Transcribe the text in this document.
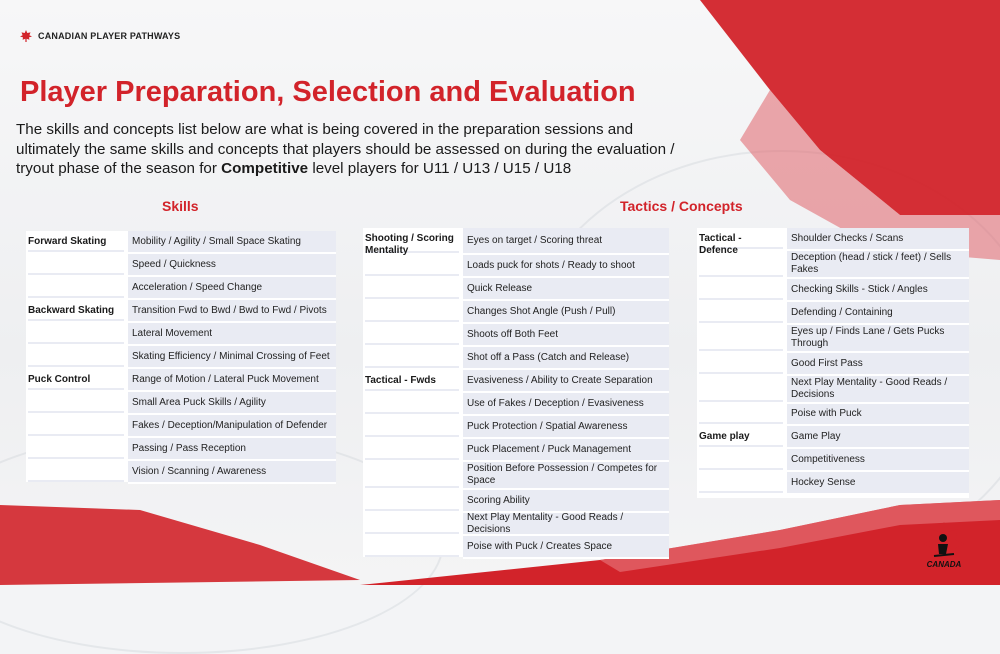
CANADIAN PLAYER PATHWAYS
Player Preparation, Selection and Evaluation

The skills and concepts list below are what is being covered in the preparation sessions and ultimately the same skills and concepts that players should be assessed on during the evaluation / tryout phase of the season for Competitive level players for U11 / U13 / U15 / U18

Skills	Tactics / Concepts
Forward Skating	Mobility / Agility / Small Space Skating

Speed / Quickness

Acceleration / Speed Change

Backward Skating	Transition Fwd to Bwd / Bwd to Fwd / Pivots

Lateral Movement

Skating Efficiency / Minimal Crossing of Feet

Puck Control	Range of Motion / Lateral Puck Movement

Small Area Puck Skills / Agility

Fakes / Deception/Manipulation of Defender

Passing / Pass Reception

Vision / Scanning / Awareness
Shooting / Scoring Mentality	Eyes on target / Scoring threat

Loads puck for shots / Ready to shoot

Quick Release

Changes Shot Angle (Push / Pull)

Shoots off Both Feet

Shot off a Pass (Catch and Release)

Tactical - Fwds	Evasiveness / Ability to Create Separation

Use of Fakes / Deception / Evasiveness

Puck Protection / Spatial Awareness

Puck Placement / Puck Management

Position Before Possession / Competes for Space

Scoring Ability

Next Play Mentality - Good Reads / Decisions

Poise with Puck / Creates Space
Tactical - Defence	Shoulder Checks / Scans

Deception (head / stick / feet) / Sells Fakes

Checking Skills - Stick / Angles

Defending / Containing

Eyes up / Finds Lane / Gets Pucks Through

Good First Pass

Next Play Mentality - Good Reads / Decisions

Poise with Puck

Game play	Game Play

Competitiveness

Hockey Sense
CANADA
